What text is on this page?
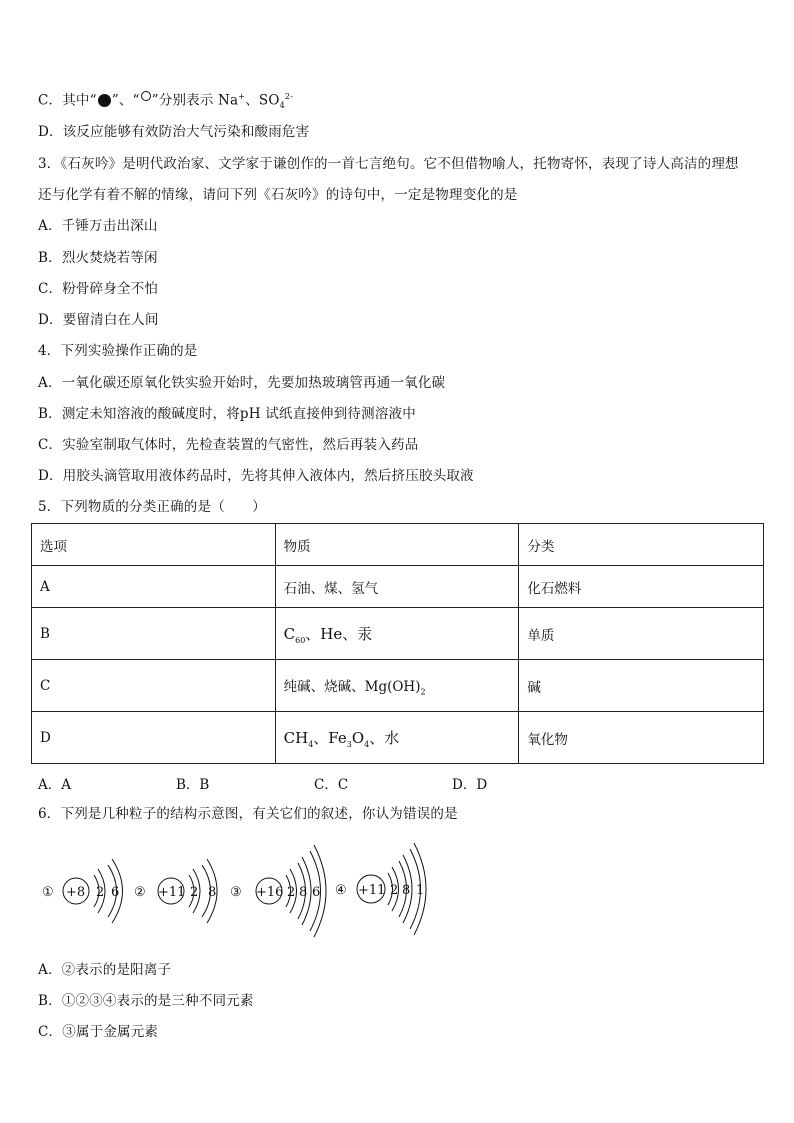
C．其中“ ”、“ ”分别表示 Na+、$SO_4^{2-}$
D．该反应能够有效防治大气污染和酸雨危害
3．《石灰吟》是明代政治家、文学家于谦创作的一首七言绝句。它不但借物喻人，托物寄怀，表现了诗人高洁的理想
还与化学有着不解的情缘，请问下列《石灰吟》的诗句中，一定是物理变化的是
A．千锤万击出深山
B．烈火焚烧若等闲
C．粉骨碎身全不怕
D．要留清白在人间
4．下列实验操作正确的是
A．一氧化碳还原氧化铁实验开始时，先要加热玻璃管再通一氧化碳
B．测定未知溶液的酸碱度时，将pH 试纸直接伸到待测溶液中
C．实验室制取气体时，先检查装置的气密性，然后再装入药品
D．用胶头滴管取用液体药品时，先将其伸入液体内，然后挤压胶头取液
5．下列物质的分类正确的是（　　）
选项	物质	分类
A	石油、煤、氢气	化石燃料
B	$C_{60}$、He、汞	单质
C	纯碱、烧碱、$Mg(OH)_2$	碱
D	$CH_4$、$Fe_3O_4$、水	氧化物
A．A	B．B	C．C	D．D
6．下列是几种粒子的结构示意图，有关它们的叙述，你认为错误的是
① +8 2 6 ② +11 2 8 ③ +16 2 8 6 ④ +11 2 8 1
A．②表示的是阳离子
B．①②③④表示的是三种不同元素
C．③属于金属元素
